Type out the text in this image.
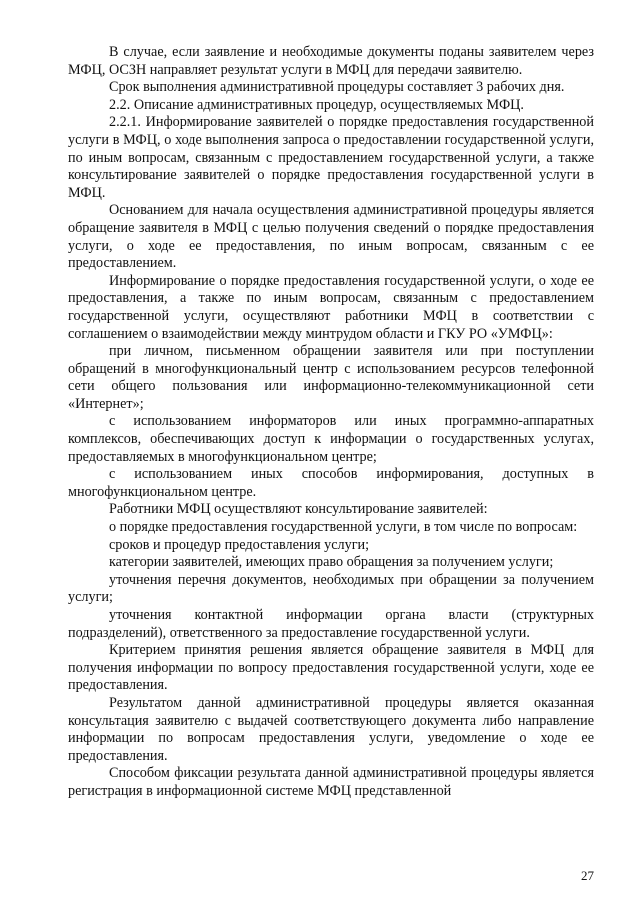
В случае, если заявление и необходимые документы поданы заявителем через МФЦ, ОСЗН направляет результат услуги в МФЦ для передачи заявителю.

Срок выполнения административной процедуры составляет 3 рабочих дня.

2.2. Описание административных процедур, осуществляемых МФЦ.

2.2.1. Информирование заявителей о порядке предоставления государственной услуги в МФЦ, о ходе выполнения запроса о предоставлении государственной услуги, по иным вопросам, связанным с предоставлением государственной услуги, а также консультирование заявителей о порядке предоставления государственной услуги в МФЦ.

Основанием для начала осуществления административной процедуры является обращение заявителя в МФЦ с целью получения сведений о порядке предоставления услуги, о ходе ее предоставления, по иным вопросам, связанным с ее предоставлением.

Информирование о порядке предоставления государственной услуги, о ходе ее предоставления, а также по иным вопросам, связанным с предоставлением государственной услуги, осуществляют работники МФЦ в соответствии с соглашением о взаимодействии между минтрудом области и ГКУ РО «УМФЦ»:

при личном, письменном обращении заявителя или при поступлении обращений в многофункциональный центр с использованием ресурсов телефонной сети общего пользования или информационно-телекоммуникационной сети «Интернет»;

с использованием информаторов или иных программно-аппаратных комплексов, обеспечивающих доступ к информации о государственных услугах, предоставляемых в многофункциональном центре;

с использованием иных способов информирования, доступных в многофункциональном центре.

Работники МФЦ осуществляют консультирование заявителей:

о порядке предоставления государственной услуги, в том числе по вопросам:

сроков и процедур предоставления услуги;

категории заявителей, имеющих право обращения за получением услуги;

уточнения перечня документов, необходимых при обращении за получением услуги;

уточнения контактной информации органа власти (структурных подразделений), ответственного за предоставление государственной услуги.

Критерием принятия решения является обращение заявителя в МФЦ для получения информации по вопросу предоставления государственной услуги, ходе ее предоставления.

Результатом данной административной процедуры является оказанная консультация заявителю с выдачей соответствующего документа либо направление информации по вопросам предоставления услуги, уведомление о ходе ее предоставления.

Способом фиксации результата данной административной процедуры является регистрация в информационной системе МФЦ представленной

27
